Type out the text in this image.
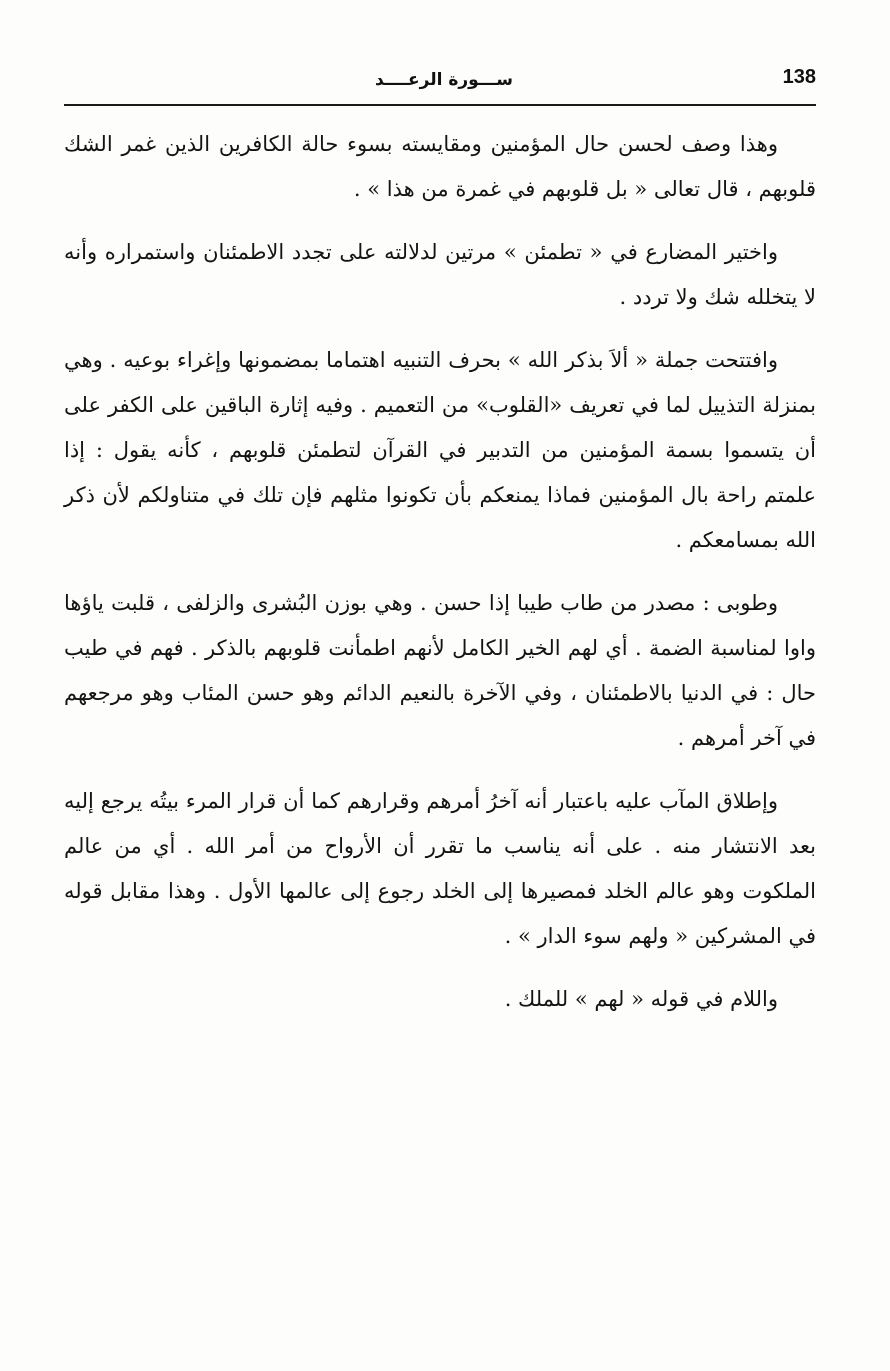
ســـورة الرعــــد	138

وهذا وصف لحسن حال المؤمنين ومقايسته بسوء حالة الكافرين الذين غمر الشك قلوبهم ، قال تعالى « بل قلوبهم في غمرة من هذا » .

واختير المضارع في « تطمئن » مرتين لدلالته على تجدد الاطمئنان واستمراره وأنه لا يتخلله شك ولا تردد .

وافتتحت جملة « ألاَ بذكر الله » بحرف التنبيه اهتماما بمضمونها وإغراء بوعيه . وهي بمنزلة التذييل لما في تعريف «القلوب» من التعميم . وفيه إثارة الباقين على الكفر على أن يتسموا بسمة المؤمنين من التدبير في القرآن لتطمئن قلوبهم ، كأنه يقول : إذا علمتم راحة بال المؤمنين فماذا يمنعكم بأن تكونوا مثلهم فإن تلك في متناولكم لأن ذكر الله بمسامعكم .

وطوبى : مصدر من طاب طيبا إذا حسن . وهي بوزن البُشرى والزلفى ، قلبت ياؤها واوا لمناسبة الضمة . أي لهم الخير الكامل لأنهم اطمأنت قلوبهم بالذكر . فهم في طيب حال : في الدنيا بالاطمئنان ، وفي الآخرة بالنعيم الدائم وهو حسن المئاب وهو مرجعهم في آخر أمرهم .

وإطلاق المآب عليه باعتبار أنه آخرُ أمرهم وقرارهم كما أن قرار المرء بيتُه يرجع إليه بعد الانتشار منه . على أنه يناسب ما تقرر أن الأرواح من أمر الله . أي من عالم الملكوت وهو عالم الخلد فمصيرها إلى الخلد رجوع إلى عالمها الأول . وهذا مقابل قوله في المشركين « ولهم سوء الدار » .

واللام في قوله « لهم » للملك .
